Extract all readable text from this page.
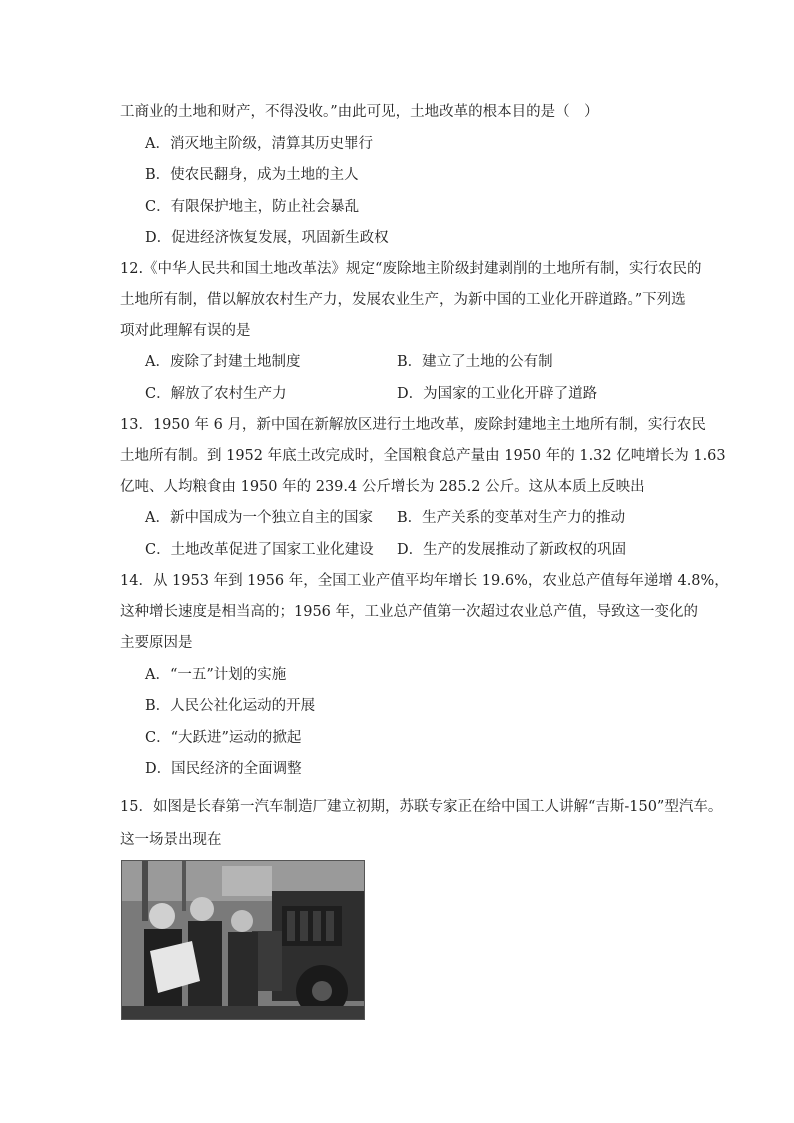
工商业的土地和财产，不得没收。”由此可见，土地改革的根本目的是（　）
A．消灭地主阶级，清算其历史罪行
B．使农民翻身，成为土地的主人
C．有限保护地主，防止社会暴乱
D．促进经济恢复发展，巩固新生政权
12.《中华人民共和国土地改革法》规定“废除地主阶级封建剥削的土地所有制，实行农民的
土地所有制，借以解放农村生产力，发展农业生产，为新中国的工业化开辟道路。”下列选
项对此理解有误的是
A．废除了封建土地制度	B．建立了土地的公有制
C．解放了农村生产力	D．为国家的工业化开辟了道路
13．1950 年 6 月，新中国在新解放区进行土地改革，废除封建地主土地所有制，实行农民
土地所有制。到 1952 年底土改完成时，全国粮食总产量由 1950 年的 1.32 亿吨增长为 1.63
亿吨、人均粮食由 1950 年的 239.4 公斤增长为 285.2 公斤。这从本质上反映出
A．新中国成为一个独立自主的国家 B．生产关系的变革对生产力的推动
C．土地改革促进了国家工业化建设 D．生产的发展推动了新政权的巩固
14．从 1953 年到 1956 年，全国工业产值平均年增长 19.6%，农业总产值每年递增 4.8%，
这种增长速度是相当高的；1956 年，工业总产值第一次超过农业总产值，导致这一变化的
主要原因是
A．“一五”计划的实施
B．人民公社化运动的开展
C．“大跃进”运动的掀起
D．国民经济的全面调整
15．如图是长春第一汽车制造厂建立初期，苏联专家正在给中国工人讲解“吉斯-150”型汽车。
这一场景出现在
